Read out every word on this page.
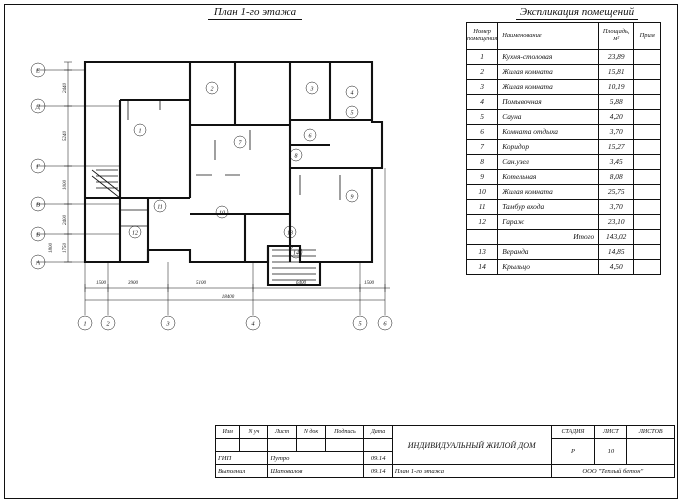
План 1-го этажа	Экспликация помещений
Номер помещения	Наименование	Площадь, м²	Прим
1	Кухня-столовая	23,89	
2	Жилая комната	15,81	
3	Жилая комната	10,19	
4	Помывочная	5,88	
5	Сауна	4,20	
6	Комната отдыха	3,70	
7	Коридор	15,27	
8	Сан.узел	3,45	
9	Котельная	8,08	
10	Жилая комната	25,75	
11	Тамбур входа	3,70	
12	Гараж	23,10	
	Итого	143,02	
13	Веранда	14,85	
14	Крыльцо	4,50	
1
2	3
4
5
6
7
8
9
10
11
12	13
14
А
Б
В
Г
Д
Е
2440
5240
1000
2400
1750
1800
1500	3900	5100	6400	1500
18400
1	2	3	4	5	6
Изм	N уч	Лист	N док	Подпись	Дата	ИНДИВИДУАЛЬНЫЙ ЖИЛОЙ ДОМ	СТАДИЯ	ЛИСТ	ЛИСТОВ
							Р	10	
ГИП		Путро			09.14				
Выполнил		Шаповалов			09.14	План 1-го этажа	ООО "Теплый бетон"		
